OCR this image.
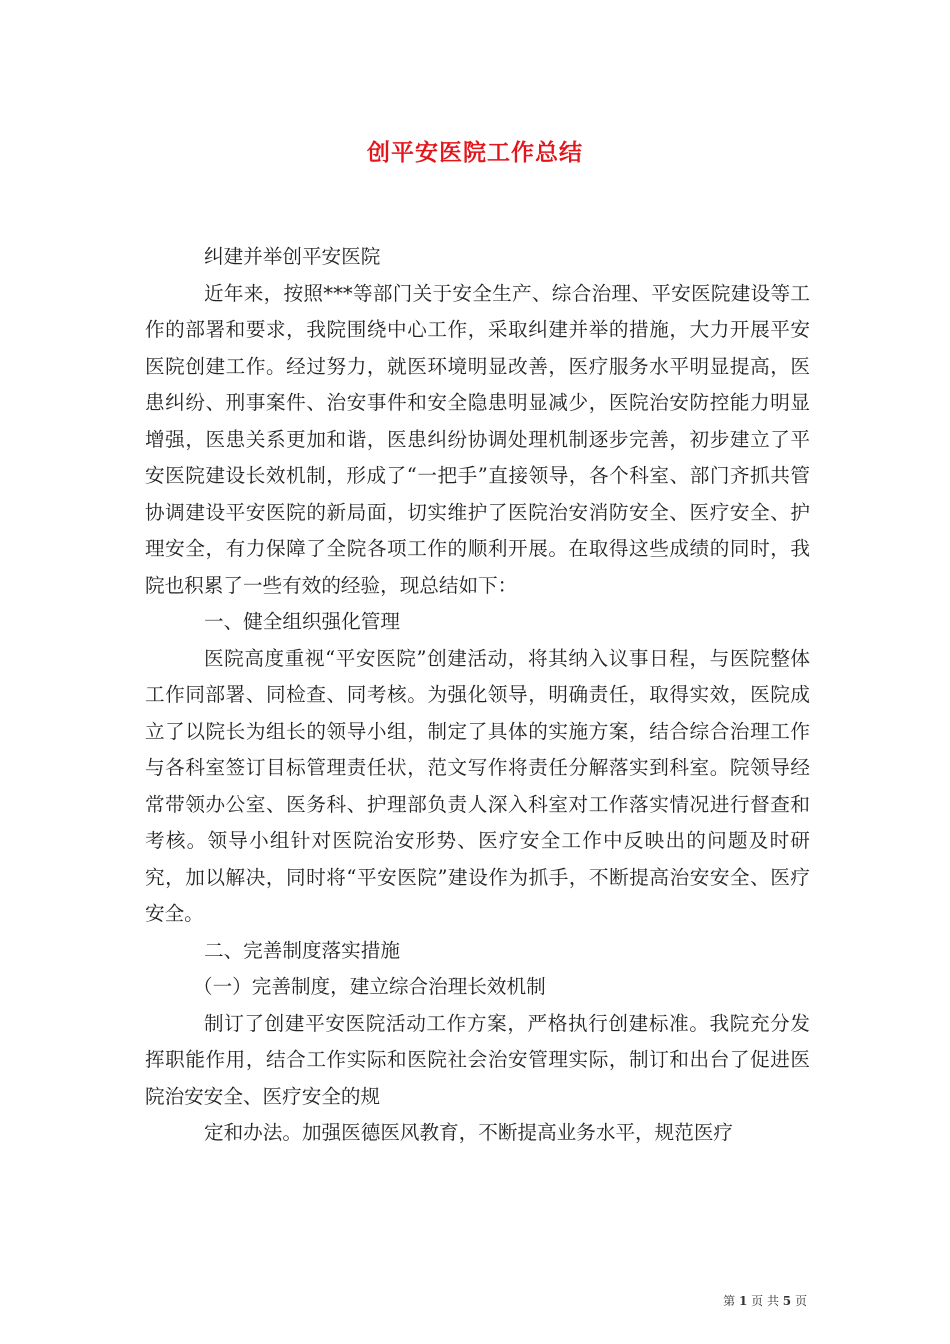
创平安医院工作总结

纠建并举创平安医院

近年来，按照***等部门关于安全生产、综合治理、平安医院建设等工作的部署和要求，我院围绕中心工作，采取纠建并举的措施，大力开展平安医院创建工作。经过努力，就医环境明显改善，医疗服务水平明显提高，医患纠纷、刑事案件、治安事件和安全隐患明显减少，医院治安防控能力明显增强，医患关系更加和谐，医患纠纷协调处理机制逐步完善，初步建立了平安医院建设长效机制，形成了“一把手”直接领导，各个科室、部门齐抓共管协调建设平安医院的新局面，切实维护了医院治安消防安全、医疗安全、护理安全，有力保障了全院各项工作的顺利开展。在取得这些成绩的同时，我院也积累了一些有效的经验，现总结如下：

一、健全组织强化管理

医院高度重视“平安医院”创建活动，将其纳入议事日程，与医院整体工作同部署、同检查、同考核。为强化领导，明确责任，取得实效，医院成立了以院长为组长的领导小组，制定了具体的实施方案，结合综合治理工作与各科室签订目标管理责任状，范文写作将责任分解落实到科室。院领导经常带领办公室、医务科、护理部负责人深入科室对工作落实情况进行督查和考核。领导小组针对医院治安形势、医疗安全工作中反映出的问题及时研究，加以解决，同时将“平安医院”建设作为抓手，不断提高治安安全、医疗安全。

二、完善制度落实措施

（一）完善制度，建立综合治理长效机制

制订了创建平安医院活动工作方案，严格执行创建标准。我院充分发挥职能作用，结合工作实际和医院社会治安管理实际，制订和出台了促进医院治安安全、医疗安全的规

定和办法。加强医德医风教育，不断提高业务水平，规范医疗

第 1 页 共 5 页
